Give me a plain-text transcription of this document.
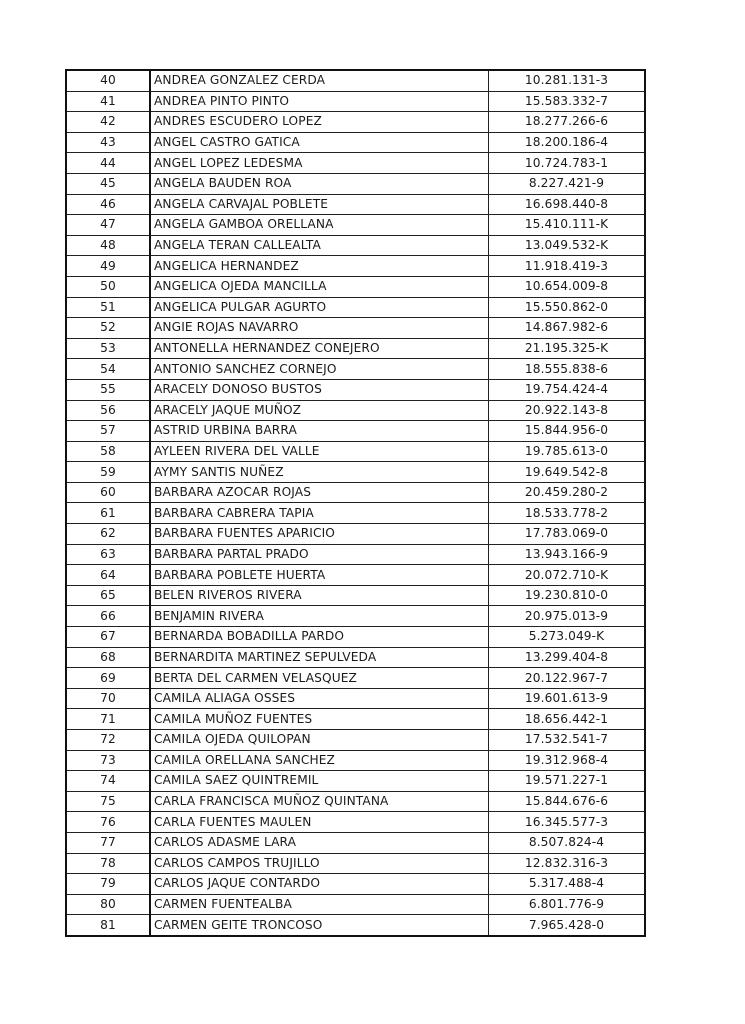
40	ANDREA GONZALEZ CERDA	10.281.131-3
41	ANDREA PINTO PINTO	15.583.332-7
42	ANDRES ESCUDERO LOPEZ	18.277.266-6
43	ANGEL CASTRO GATICA	18.200.186-4
44	ANGEL LOPEZ LEDESMA	10.724.783-1
45	ANGELA BAUDEN ROA	8.227.421-9
46	ANGELA CARVAJAL POBLETE	16.698.440-8
47	ANGELA GAMBOA ORELLANA	15.410.111-K
48	ANGELA TERAN CALLEALTA	13.049.532-K
49	ANGELICA HERNANDEZ	11.918.419-3
50	ANGELICA OJEDA MANCILLA	10.654.009-8
51	ANGELICA PULGAR AGURTO	15.550.862-0
52	ANGIE ROJAS NAVARRO	14.867.982-6
53	ANTONELLA HERNANDEZ CONEJERO	21.195.325-K
54	ANTONIO SANCHEZ CORNEJO	18.555.838-6
55	ARACELY DONOSO BUSTOS	19.754.424-4
56	ARACELY JAQUE MUÑOZ	20.922.143-8
57	ASTRID URBINA BARRA	15.844.956-0
58	AYLEEN RIVERA DEL VALLE	19.785.613-0
59	AYMY SANTIS NUÑEZ	19.649.542-8
60	BARBARA AZOCAR ROJAS	20.459.280-2
61	BARBARA CABRERA TAPIA	18.533.778-2
62	BARBARA FUENTES APARICIO	17.783.069-0
63	BARBARA PARTAL PRADO	13.943.166-9
64	BARBARA POBLETE HUERTA	20.072.710-K
65	BELEN RIVEROS RIVERA	19.230.810-0
66	BENJAMIN RIVERA	20.975.013-9
67	BERNARDA BOBADILLA PARDO	5.273.049-K
68	BERNARDITA MARTINEZ SEPULVEDA	13.299.404-8
69	BERTA DEL CARMEN VELASQUEZ	20.122.967-7
70	CAMILA ALIAGA OSSES	19.601.613-9
71	CAMILA MUÑOZ FUENTES	18.656.442-1
72	CAMILA OJEDA QUILOPAN	17.532.541-7
73	CAMILA ORELLANA SANCHEZ	19.312.968-4
74	CAMILA SAEZ QUINTREMIL	19.571.227-1
75	CARLA FRANCISCA MUÑOZ QUINTANA	15.844.676-6
76	CARLA FUENTES MAULEN	16.345.577-3
77	CARLOS ADASME LARA	8.507.824-4
78	CARLOS CAMPOS TRUJILLO	12.832.316-3
79	CARLOS JAQUE CONTARDO	5.317.488-4
80	CARMEN FUENTEALBA	6.801.776-9
81	CARMEN GEITE TRONCOSO	7.965.428-0
